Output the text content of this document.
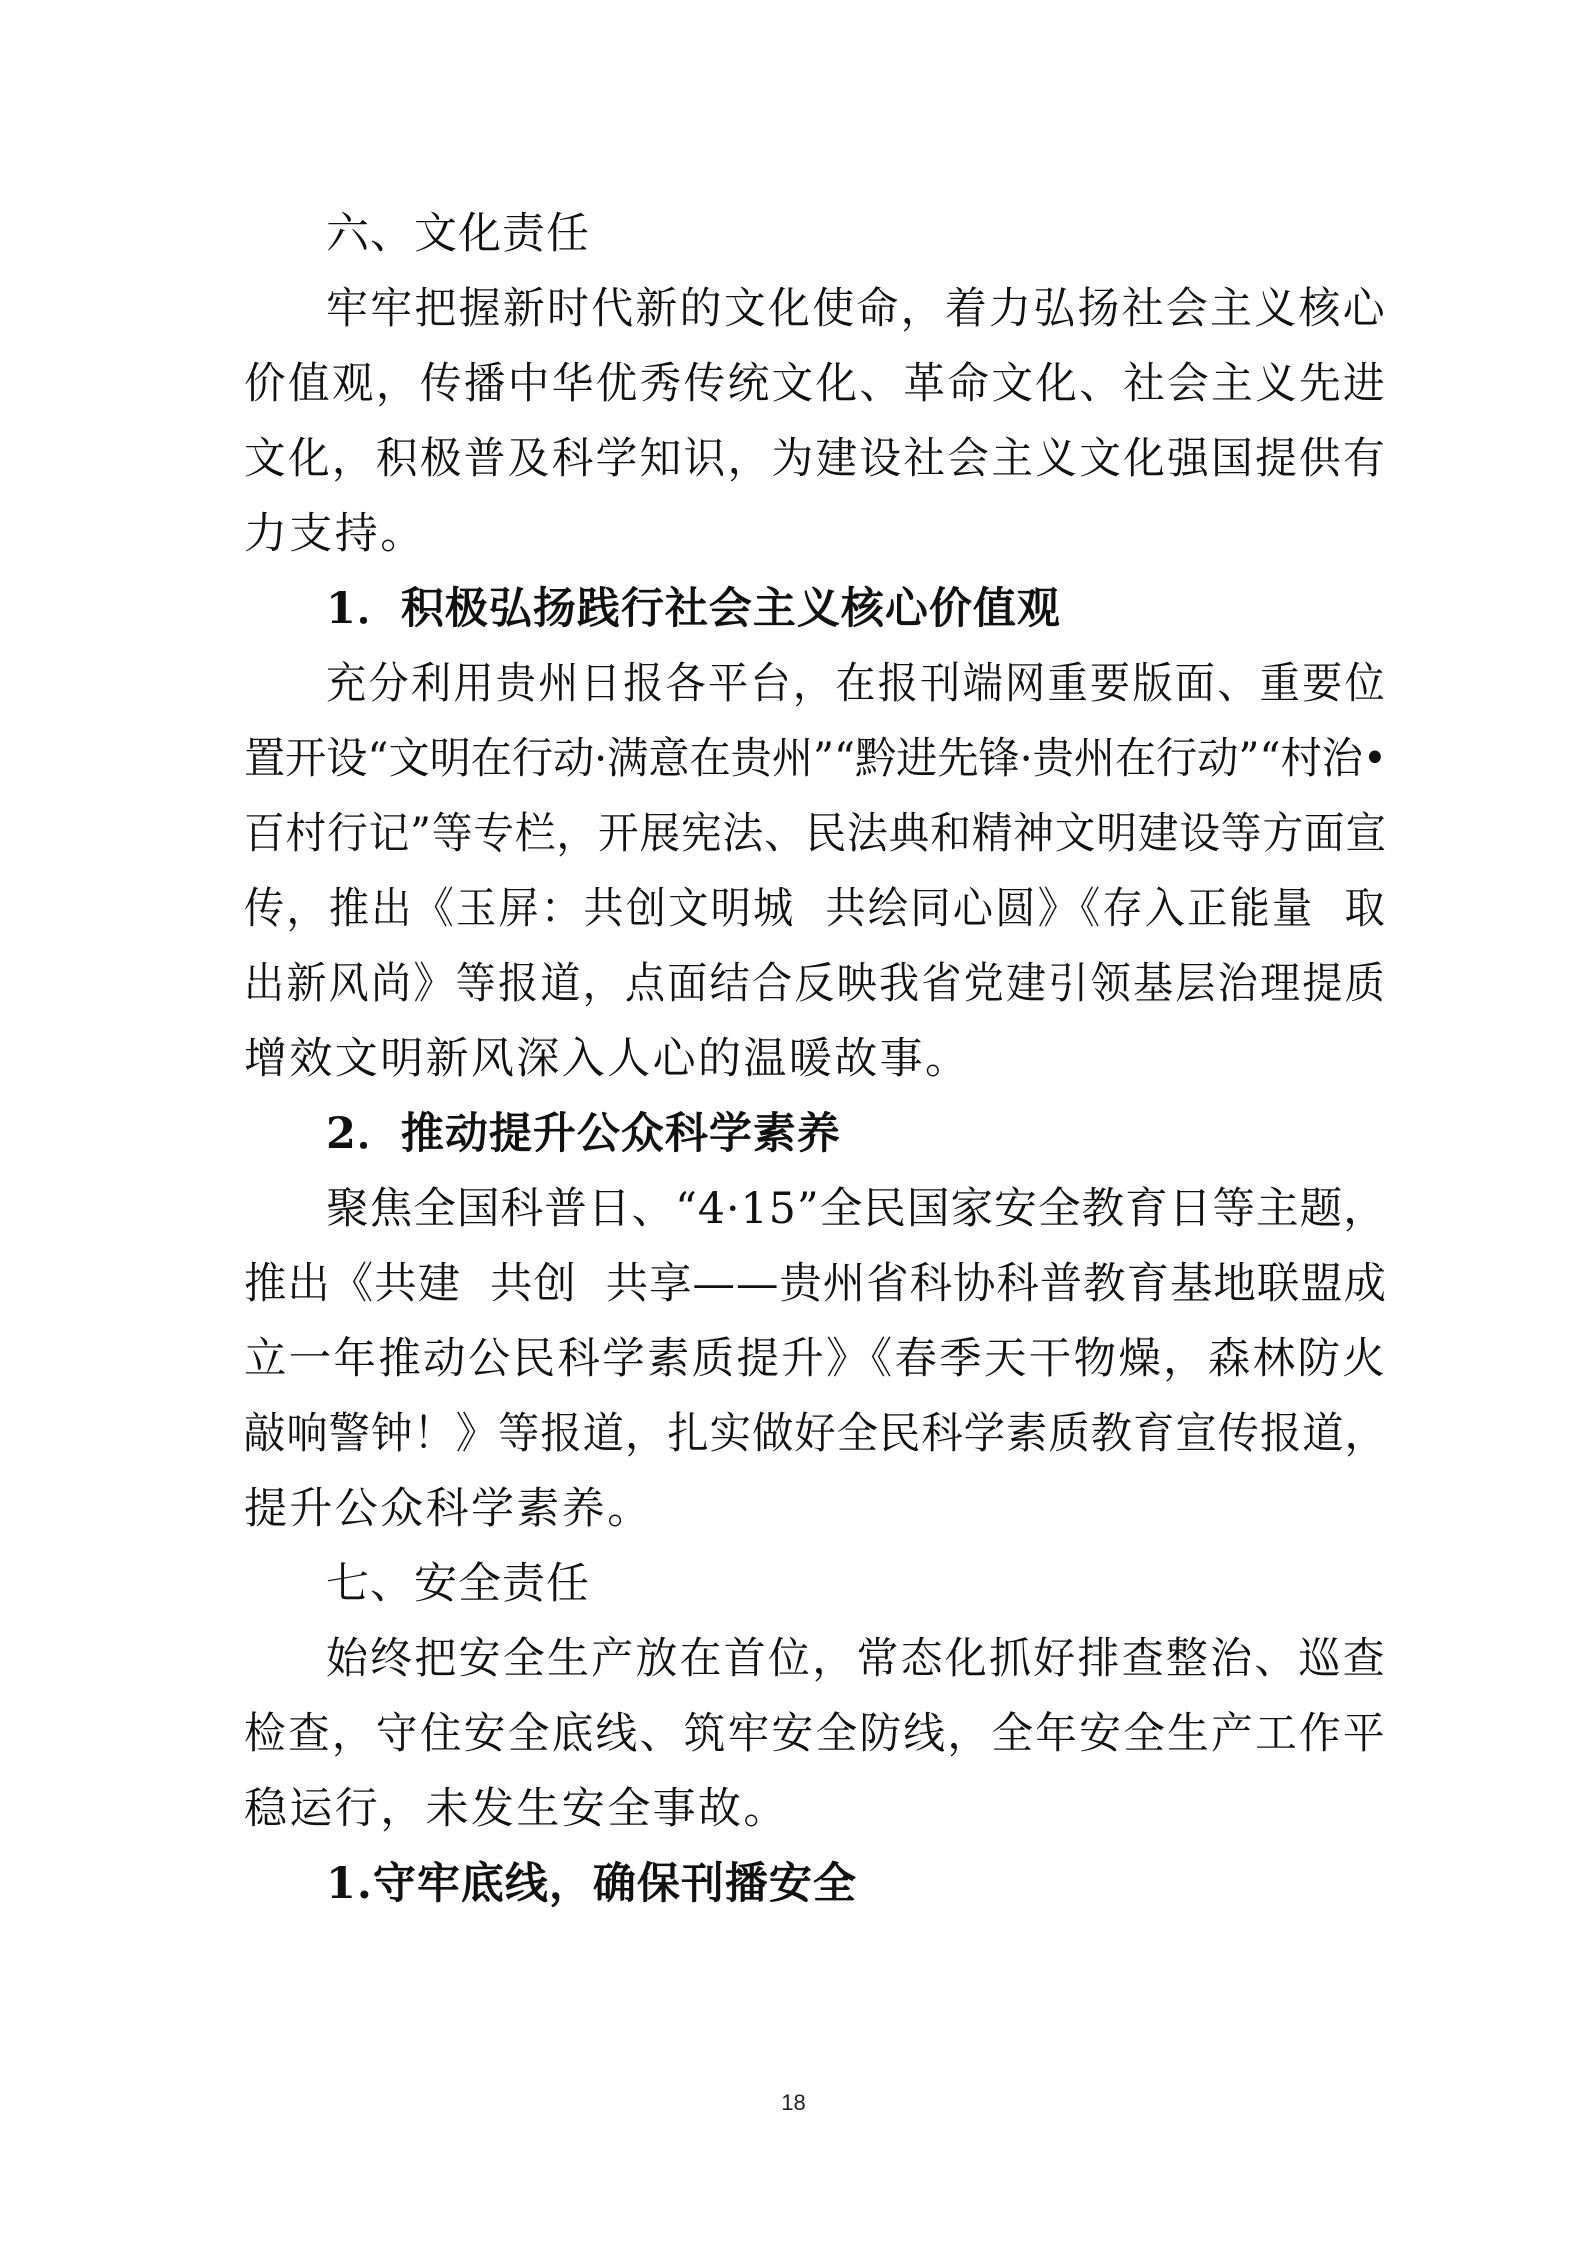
六、文化责任
牢牢把握新时代新的文化使命，着力弘扬社会主义核心
价值观，传播中华优秀传统文化、革命文化、社会主义先进
文化，积极普及科学知识，为建设社会主义文化强国提供有
力支持。
1．积极弘扬践行社会主义核心价值观
充分利用贵州日报各平台，在报刊端网重要版面、重要位
置开设“文明在行动·满意在贵州”“黔进先锋·贵州在行动”“村治•
百村行记”等专栏，开展宪法、民法典和精神文明建设等方面宣
传，推出《玉屏：共创文明城  共绘同心圆》《存入正能量  取
出新风尚》等报道，点面结合反映我省党建引领基层治理提质
增效文明新风深入人心的温暖故事。
2．推动提升公众科学素养
聚焦全国科普日、“4·15”全民国家安全教育日等主题，
推出《共建  共创  共享——贵州省科协科普教育基地联盟成
立一年推动公民科学素质提升》《春季天干物燥，森林防火
敲响警钟！》等报道，扎实做好全民科学素质教育宣传报道，
提升公众科学素养。
七、安全责任
始终把安全生产放在首位，常态化抓好排查整治、巡查
检查，守住安全底线、筑牢安全防线，全年安全生产工作平
稳运行，未发生安全事故。
1.守牢底线，确保刊播安全
18
